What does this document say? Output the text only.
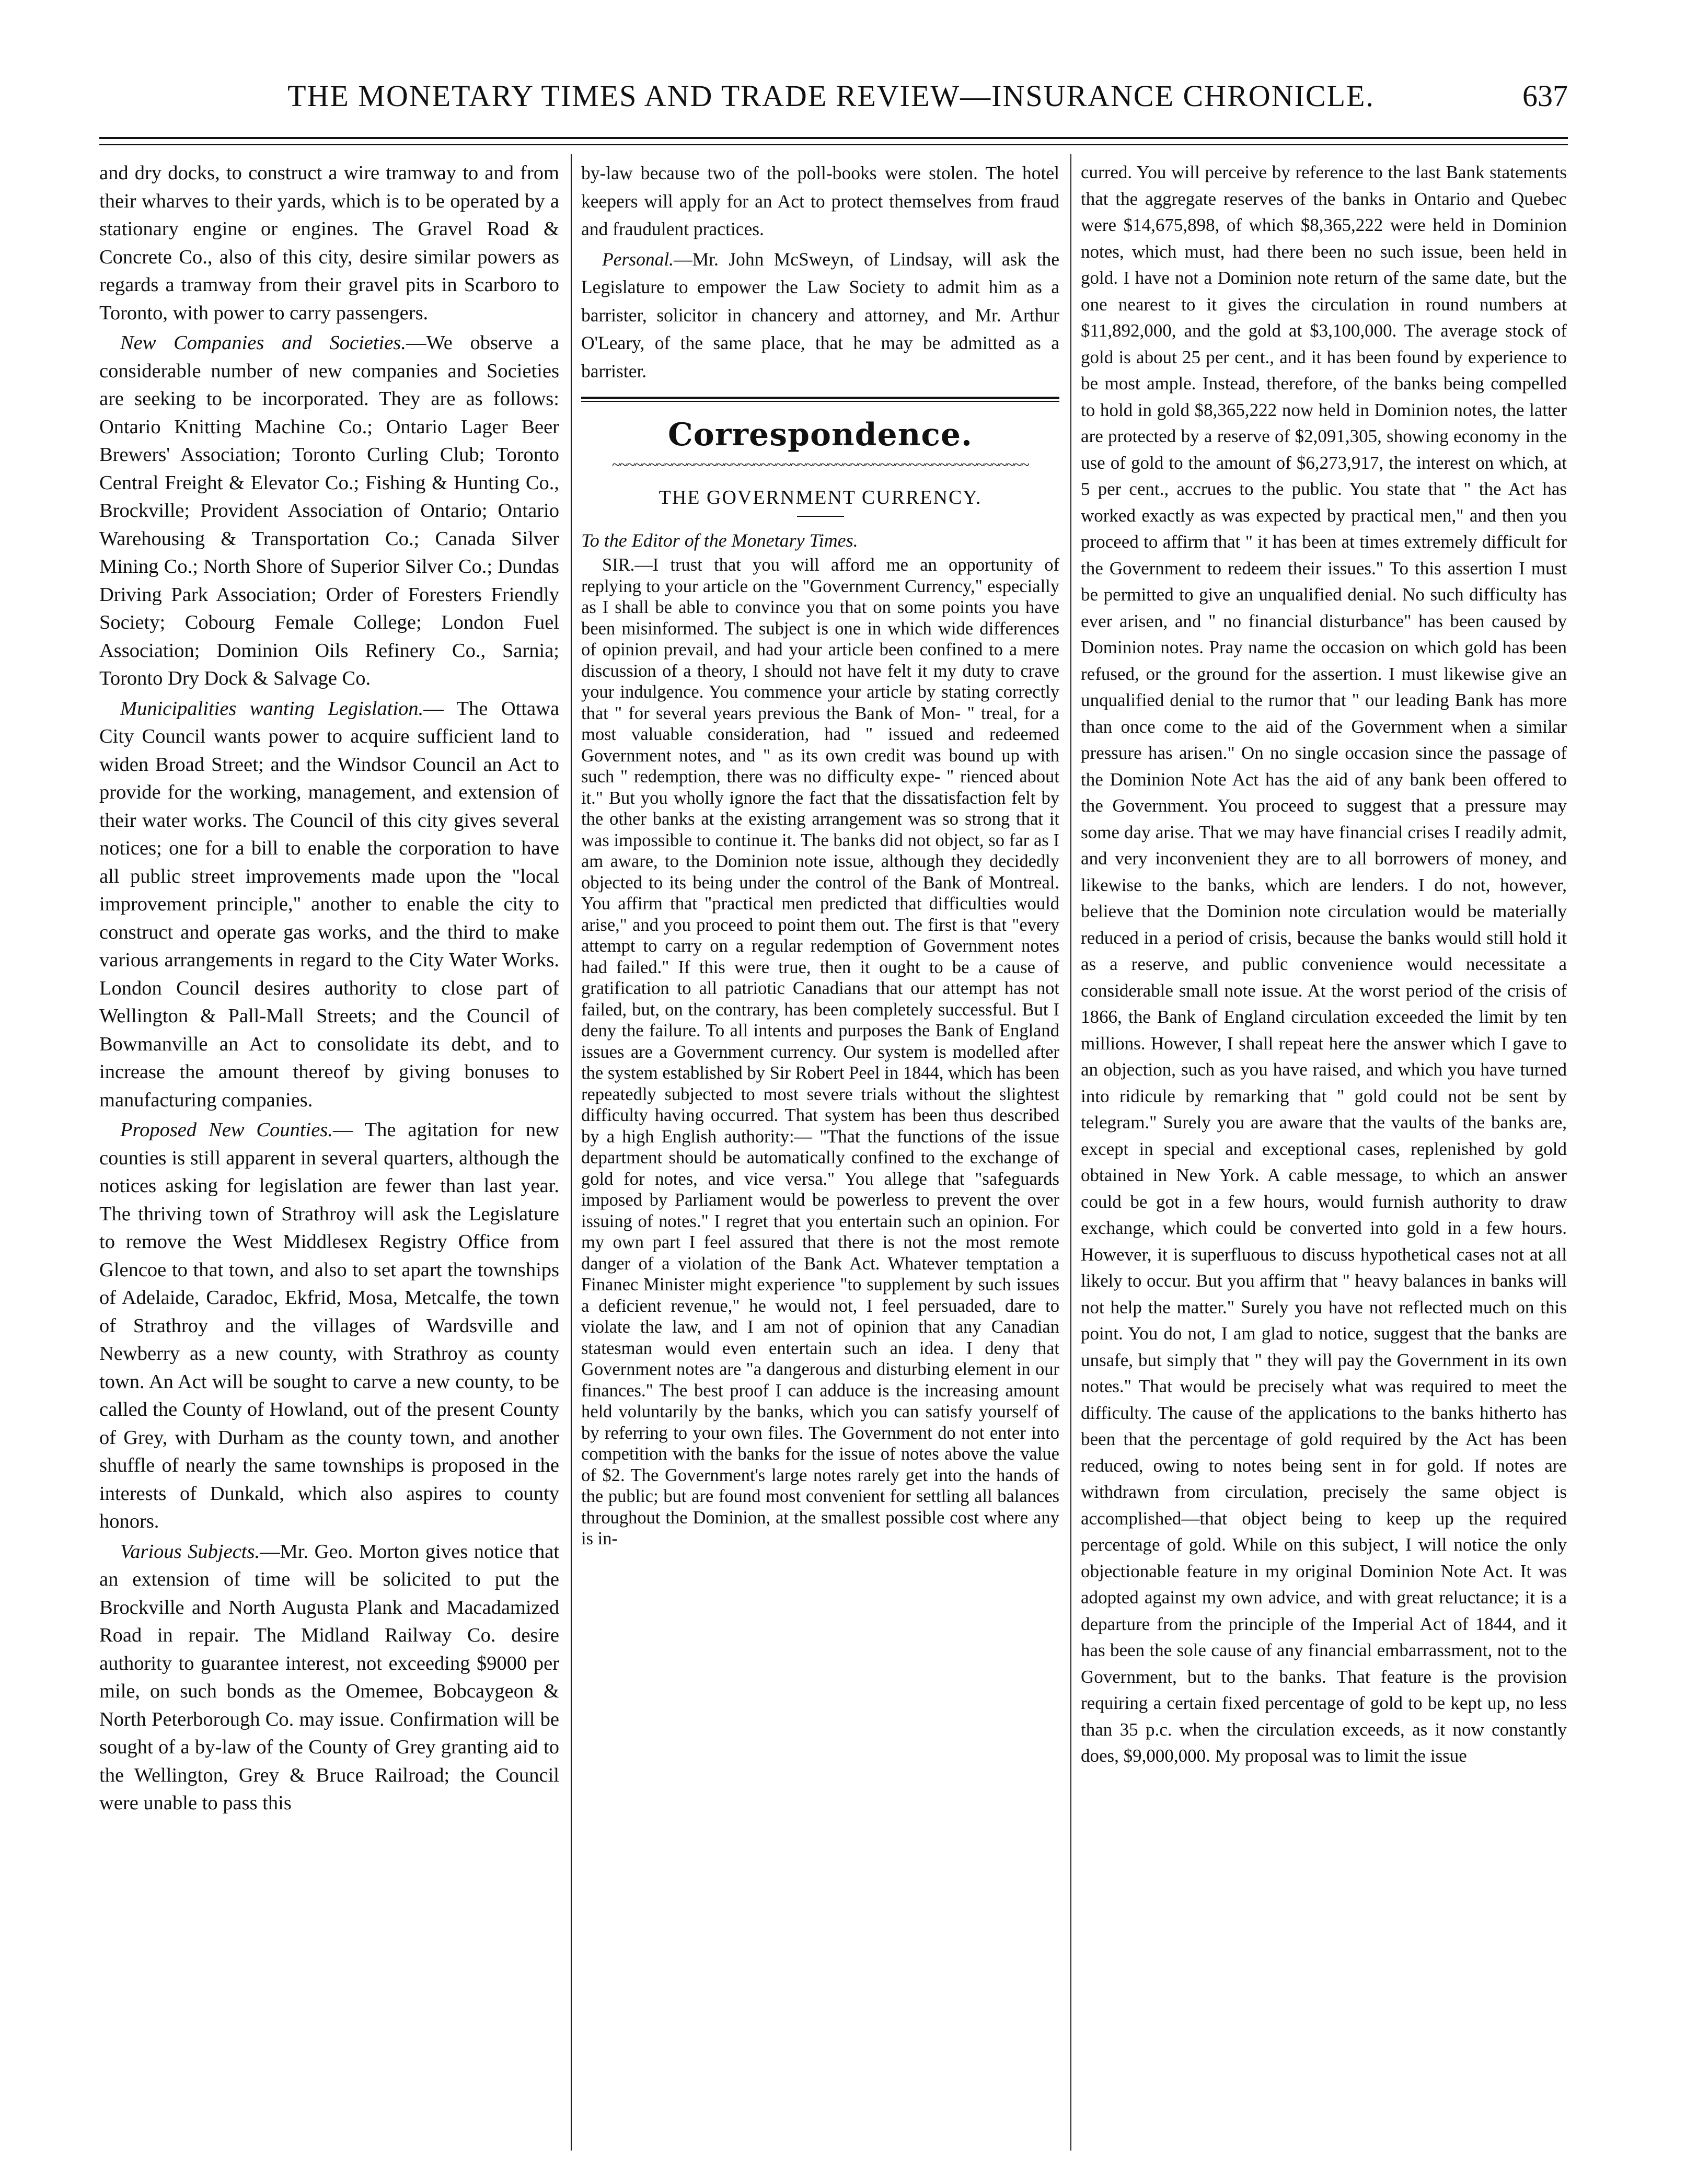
THE MONETARY TIMES AND TRADE REVIEW—INSURANCE CHRONICLE.	637

and dry docks, to construct a wire tramway to and from their wharves to their yards, which is to be operated by a stationary engine or engines. The Gravel Road & Concrete Co., also of this city, desire similar powers as regards a tramway from their gravel pits in Scarboro to Toronto, with power to carry passengers.

New Companies and Societies.—We observe a considerable number of new companies and Societies are seeking to be incorporated. They are as follows: Ontario Knitting Machine Co.; Ontario Lager Beer Brewers' Association; Toronto Curling Club; Toronto Central Freight & Elevator Co.; Fishing & Hunting Co., Brockville; Provident Association of Ontario; Ontario Warehousing & Transportation Co.; Canada Silver Mining Co.; North Shore of Superior Silver Co.; Dundas Driving Park Association; Order of Foresters Friendly Society; Cobourg Female College; London Fuel Association; Dominion Oils Refinery Co., Sarnia; Toronto Dry Dock & Salvage Co.

Municipalities wanting Legislation.— The Ottawa City Council wants power to acquire sufficient land to widen Broad Street; and the Windsor Council an Act to provide for the working, management, and extension of their water works. The Council of this city gives several notices; one for a bill to enable the corporation to have all public street improvements made upon the "local improvement principle," another to enable the city to construct and operate gas works, and the third to make various arrangements in regard to the City Water Works. London Council desires authority to close part of Wellington & Pall-Mall Streets; and the Council of Bowmanville an Act to consolidate its debt, and to increase the amount thereof by giving bonuses to manufacturing companies.

Proposed New Counties.— The agitation for new counties is still apparent in several quarters, although the notices asking for legislation are fewer than last year. The thriving town of Strathroy will ask the Legislature to remove the West Middlesex Registry Office from Glencoe to that town, and also to set apart the townships of Adelaide, Caradoc, Ekfrid, Mosa, Metcalfe, the town of Strathroy and the villages of Wardsville and Newberry as a new county, with Strathroy as county town. An Act will be sought to carve a new county, to be called the County of Howland, out of the present County of Grey, with Durham as the county town, and another shuffle of nearly the same townships is proposed in the interests of Dunkald, which also aspires to county honors.

Various Subjects.—Mr. Geo. Morton gives notice that an extension of time will be solicited to put the Brockville and North Augusta Plank and Macadamized Road in repair. The Midland Railway Co. desire authority to guarantee interest, not exceeding $9000 per mile, on such bonds as the Omemee, Bobcaygeon & North Peterborough Co. may issue. Confirmation will be sought of a by-law of the County of Grey granting aid to the Wellington, Grey & Bruce Railroad; the Council were unable to pass this

by-law because two of the poll-books were stolen. The hotel keepers will apply for an Act to protect themselves from fraud and fraudulent practices.

Personal.—Mr. John McSweyn, of Lindsay, will ask the Legislature to empower the Law Society to admit him as a barrister, solicitor in chancery and attorney, and Mr. Arthur O'Leary, of the same place, that he may be admitted as a barrister.

Correspondence.
~~~~~~~~~~~~~~~~~~~~~~~~~~~~~~~~~~~~~~~~~~~~~~~~~~~~~~~~
THE GOVERNMENT CURRENCY.

To the Editor of the Monetary Times.

SIR.—I trust that you will afford me an opportunity of replying to your article on the "Government Currency," especially as I shall be able to convince you that on some points you have been misinformed. The subject is one in which wide differences of opinion prevail, and had your article been confined to a mere discussion of a theory, I should not have felt it my duty to crave your indulgence. You commence your article by stating correctly that " for several years previous the Bank of Mon- " treal, for a most valuable consideration, had " issued and redeemed Government notes, and " as its own credit was bound up with such " redemption, there was no difficulty expe- " rienced about it." But you wholly ignore the fact that the dissatisfaction felt by the other banks at the existing arrangement was so strong that it was impossible to continue it. The banks did not object, so far as I am aware, to the Dominion note issue, although they decidedly objected to its being under the control of the Bank of Montreal. You affirm that "practical men predicted that difficulties would arise," and you proceed to point them out. The first is that "every attempt to carry on a regular redemption of Government notes had failed." If this were true, then it ought to be a cause of gratification to all patriotic Canadians that our attempt has not failed, but, on the contrary, has been completely successful. But I deny the failure. To all intents and purposes the Bank of England issues are a Government currency. Our system is modelled after the system established by Sir Robert Peel in 1844, which has been repeatedly subjected to most severe trials without the slightest difficulty having occurred. That system has been thus described by a high English authority:— "That the functions of the issue department should be automatically confined to the exchange of gold for notes, and vice versa." You allege that "safeguards imposed by Parliament would be powerless to prevent the over issuing of notes." I regret that you entertain such an opinion. For my own part I feel assured that there is not the most remote danger of a violation of the Bank Act. Whatever temptation a Finanec Minister might experience "to supplement by such issues a deficient revenue," he would not, I feel persuaded, dare to violate the law, and I am not of opinion that any Canadian statesman would even entertain such an idea. I deny that Government notes are "a dangerous and disturbing element in our finances." The best proof I can adduce is the increasing amount held voluntarily by the banks, which you can satisfy yourself of by referring to your own files. The Government do not enter into competition with the banks for the issue of notes above the value of $2. The Government's large notes rarely get into the hands of the public; but are found most convenient for settling all balances throughout the Dominion, at the smallest possible cost where any is in-

curred. You will perceive by reference to the last Bank statements that the aggregate reserves of the banks in Ontario and Quebec were $14,675,898, of which $8,365,222 were held in Dominion notes, which must, had there been no such issue, been held in gold. I have not a Dominion note return of the same date, but the one nearest to it gives the circulation in round numbers at $11,892,000, and the gold at $3,100,000. The average stock of gold is about 25 per cent., and it has been found by experience to be most ample. Instead, therefore, of the banks being compelled to hold in gold $8,365,222 now held in Dominion notes, the latter are protected by a reserve of $2,091,305, showing economy in the use of gold to the amount of $6,273,917, the interest on which, at 5 per cent., accrues to the public. You state that " the Act has worked exactly as was expected by practical men," and then you proceed to affirm that " it has been at times extremely difficult for the Government to redeem their issues." To this assertion I must be permitted to give an unqualified denial. No such difficulty has ever arisen, and " no financial disturbance" has been caused by Dominion notes. Pray name the occasion on which gold has been refused, or the ground for the assertion. I must likewise give an unqualified denial to the rumor that " our leading Bank has more than once come to the aid of the Government when a similar pressure has arisen." On no single occasion since the passage of the Dominion Note Act has the aid of any bank been offered to the Government. You proceed to suggest that a pressure may some day arise. That we may have financial crises I readily admit, and very inconvenient they are to all borrowers of money, and likewise to the banks, which are lenders. I do not, however, believe that the Dominion note circulation would be materially reduced in a period of crisis, because the banks would still hold it as a reserve, and public convenience would necessitate a considerable small note issue. At the worst period of the crisis of 1866, the Bank of England circulation exceeded the limit by ten millions. However, I shall repeat here the answer which I gave to an objection, such as you have raised, and which you have turned into ridicule by remarking that " gold could not be sent by telegram." Surely you are aware that the vaults of the banks are, except in special and exceptional cases, replenished by gold obtained in New York. A cable message, to which an answer could be got in a few hours, would furnish authority to draw exchange, which could be converted into gold in a few hours. However, it is superfluous to discuss hypothetical cases not at all likely to occur. But you affirm that " heavy balances in banks will not help the matter." Surely you have not reflected much on this point. You do not, I am glad to notice, suggest that the banks are unsafe, but simply that " they will pay the Government in its own notes." That would be precisely what was required to meet the difficulty. The cause of the applications to the banks hitherto has been that the percentage of gold required by the Act has been reduced, owing to notes being sent in for gold. If notes are withdrawn from circulation, precisely the same object is accomplished—that object being to keep up the required percentage of gold. While on this subject, I will notice the only objectionable feature in my original Dominion Note Act. It was adopted against my own advice, and with great reluctance; it is a departure from the principle of the Imperial Act of 1844, and it has been the sole cause of any financial embarrassment, not to the Government, but to the banks. That feature is the provision requiring a certain fixed percentage of gold to be kept up, no less than 35 p.c. when the circulation exceeds, as it now constantly does, $9,000,000. My proposal was to limit the issue
